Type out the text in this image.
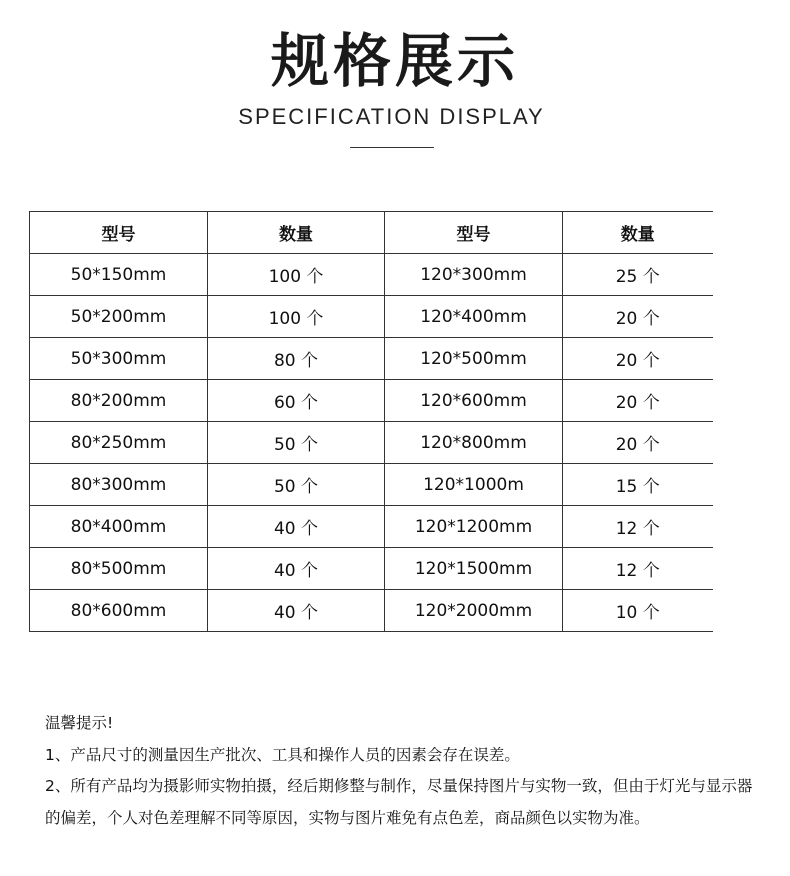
规格展示
SPECIFICATION DISPLAY
型号	数量	型号	数量
50*150mm	100 个	120*300mm	25 个
50*200mm	100 个	120*400mm	20 个
50*300mm	80 个	120*500mm	20 个
80*200mm	60 个	120*600mm	20 个
80*250mm	50 个	120*800mm	20 个
80*300mm	50 个	120*1000m	15 个
80*400mm	40 个	120*1200mm	12 个
80*500mm	40 个	120*1500mm	12 个
80*600mm	40 个	120*2000mm	10 个

温馨提示!

1、产品尺寸的测量因生产批次、工具和操作人员的因素会存在误差。

2、所有产品均为摄影师实物拍摄，经后期修整与制作，尽量保持图片与实物一致，但由于灯光与显示器的偏差，个人对色差理解不同等原因，实物与图片难免有点色差，商品颜色以实物为准。
